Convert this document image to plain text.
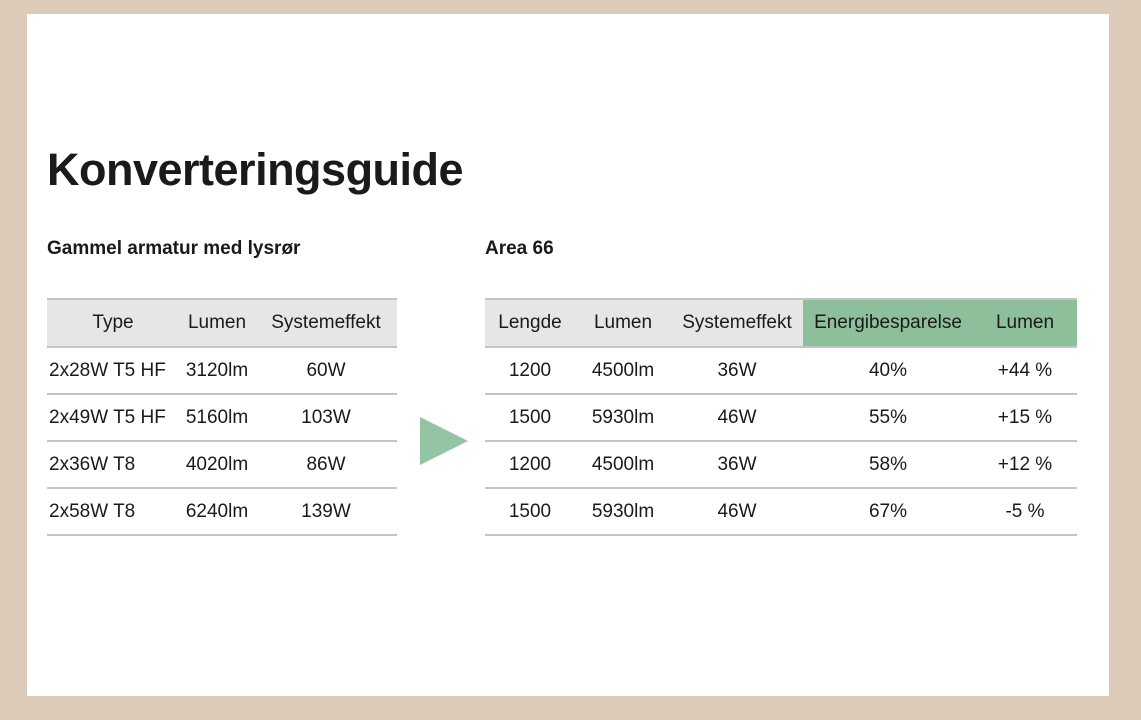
Konverteringsguide
Gammel armatur med lysrør	Area 66
Type	Lumen	Systemeffekt
2x28W T5 HF	3120lm	60W
2x49W T5 HF	5160lm	103W
2x36W T8	4020lm	86W
2x58W T8	6240lm	139W
Lengde	Lumen	Systemeffekt	Energibesparelse	Lumen
1200	4500lm	36W	40%	+44 %
1500	5930lm	46W	55%	+15 %
1200	4500lm	36W	58%	+12 %
1500	5930lm	46W	67%	-5 %
